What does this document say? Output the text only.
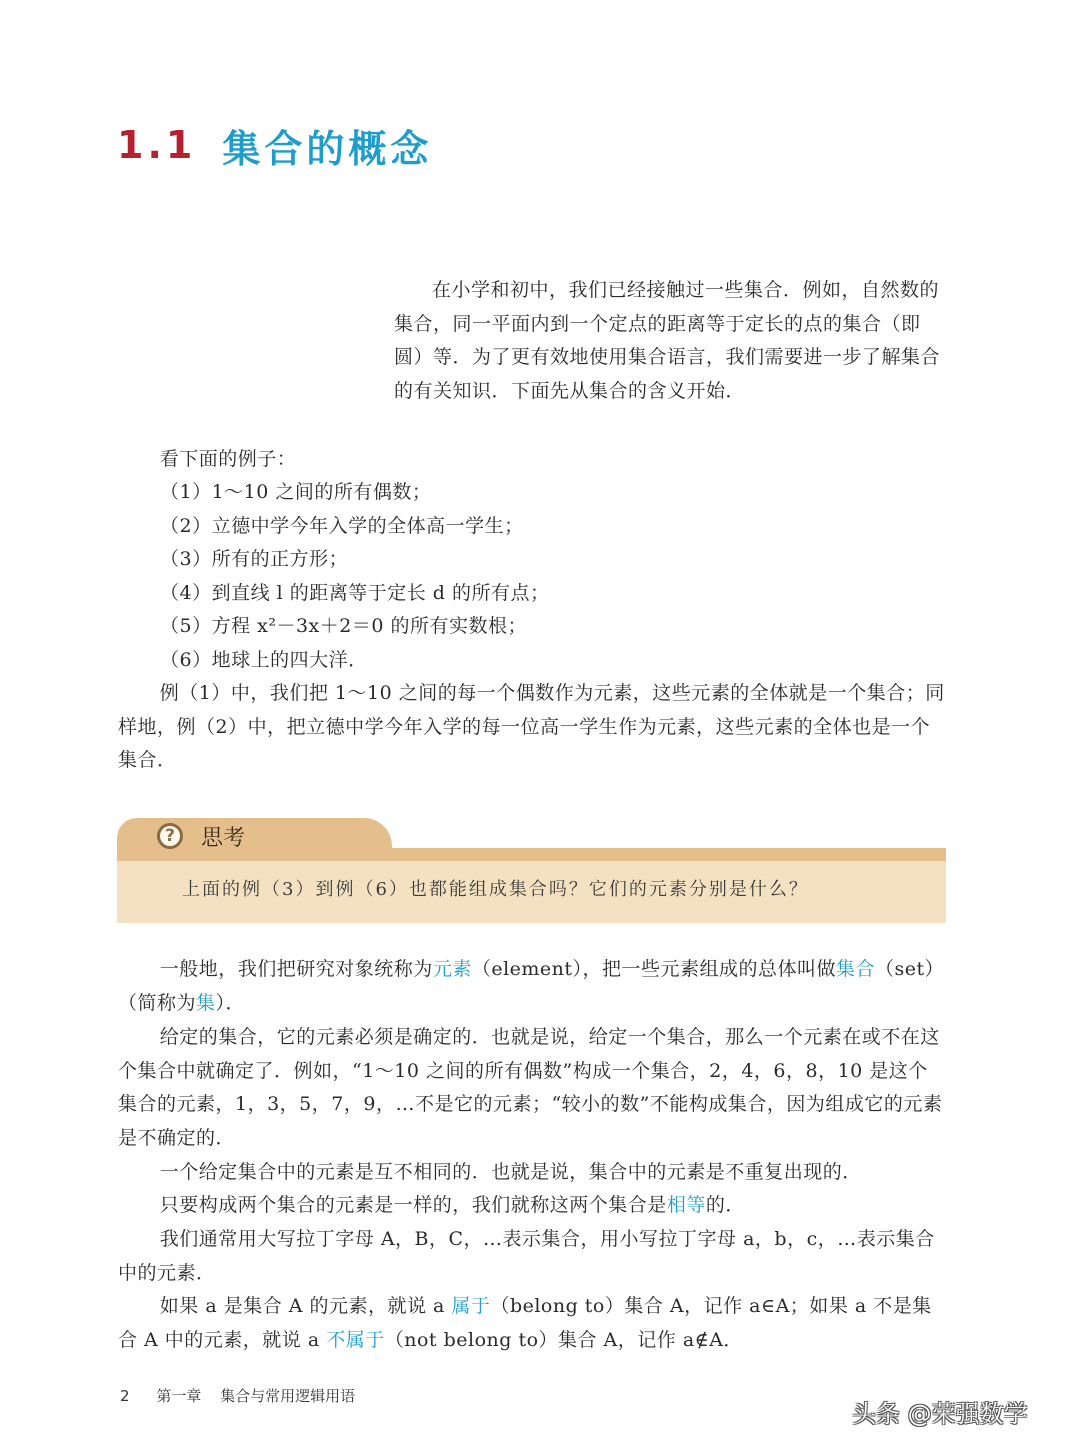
1.1 集合的概念
在小学和初中，我们已经接触过一些集合．例如，自然数的集合，同一平面内到一个定点的距离等于定长的点的集合（即圆）等．为了更有效地使用集合语言，我们需要进一步了解集合的有关知识．下面先从集合的含义开始．
看下面的例子：
（1）1～10 之间的所有偶数；
（2）立德中学今年入学的全体高一学生；
（3）所有的正方形；
（4）到直线 l 的距离等于定长 d 的所有点；
（5）方程 x²－3x＋2＝0 的所有实数根；
（6）地球上的四大洋．
例（1）中，我们把 1～10 之间的每一个偶数作为元素，这些元素的全体就是一个集合；同样地，例（2）中，把立德中学今年入学的每一位高一学生作为元素，这些元素的全体也是一个集合．
?	思考
上面的例（3）到例（6）也都能组成集合吗？它们的元素分别是什么？
一般地，我们把研究对象统称为元素（element），把一些元素组成的总体叫做集合（set）（简称为集）．
给定的集合，它的元素必须是确定的．也就是说，给定一个集合，那么一个元素在或不在这个集合中就确定了．例如，“1～10 之间的所有偶数”构成一个集合，2，4，6，8，10 是这个集合的元素，1，3，5，7，9，…不是它的元素；“较小的数”不能构成集合，因为组成它的元素是不确定的．
一个给定集合中的元素是互不相同的．也就是说，集合中的元素是不重复出现的．
只要构成两个集合的元素是一样的，我们就称这两个集合是相等的．
我们通常用大写拉丁字母 A，B，C，…表示集合，用小写拉丁字母 a，b，c，…表示集合中的元素．
如果 a 是集合 A 的元素，就说 a 属于（belong to）集合 A，记作 a∈A；如果 a 不是集合 A 中的元素，就说 a 不属于（not belong to）集合 A，记作 a∉A．
2 第一章 集合与常用逻辑用语
头条 @荣强数学
